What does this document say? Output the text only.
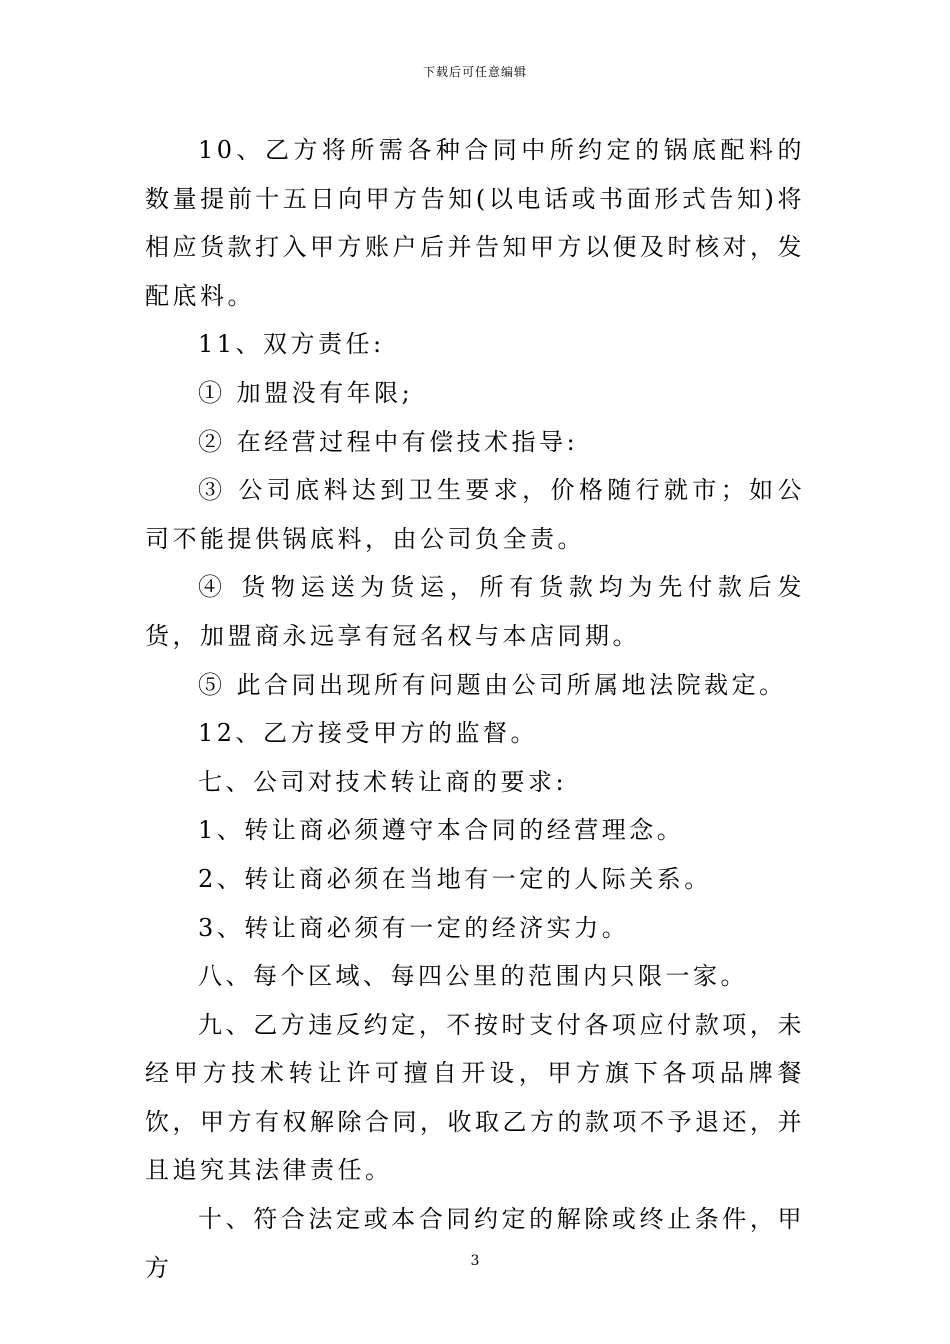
下载后可任意编辑

10、乙方将所需各种合同中所约定的锅底配料的数量提前十五日向甲方告知(以电话或书面形式告知)将相应货款打入甲方账户后并告知甲方以便及时核对，发配底料。

11、双方责任:

① 加盟没有年限;

② 在经营过程中有偿技术指导:

③ 公司底料达到卫生要求，价格随行就市；如公司不能提供锅底料，由公司负全责。

④ 货物运送为货运，所有货款均为先付款后发货，加盟商永远享有冠名权与本店同期。

⑤ 此合同出现所有问题由公司所属地法院裁定。

12、乙方接受甲方的监督。

七、公司对技术转让商的要求:

1、转让商必须遵守本合同的经营理念。

2、转让商必须在当地有一定的人际关系。

3、转让商必须有一定的经济实力。

八、每个区域、每四公里的范围内只限一家。

九、乙方违反约定，不按时支付各项应付款项，未经甲方技术转让许可擅自开设，甲方旗下各项品牌餐饮，甲方有权解除合同，收取乙方的款项不予退还，并且追究其法律责任。

十、符合法定或本合同约定的解除或终止条件，甲方	3
